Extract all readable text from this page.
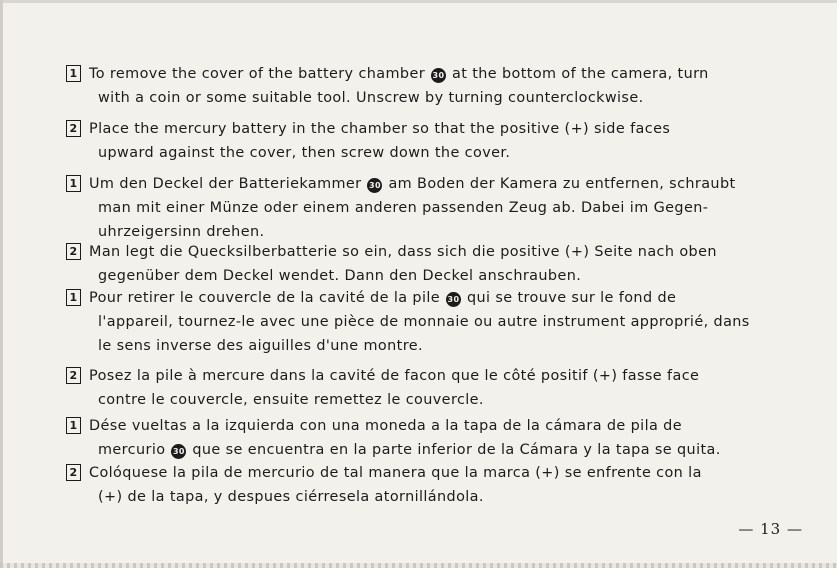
1 To remove the cover of the battery chamber 30 at the bottom of the camera, turn
with a coin or some suitable tool. Unscrew by turning counterclockwise.
2 Place the mercury battery in the chamber so that the positive (+) side faces
upward against the cover, then screw down the cover.
1 Um den Deckel der Batteriekammer 30 am Boden der Kamera zu entfernen, schraubt
man mit einer Münze oder einem anderen passenden Zeug ab. Dabei im Gegen-
uhrzeigersinn drehen.
2 Man legt die Quecksilberbatterie so ein, dass sich die positive (+) Seite nach oben
gegenüber dem Deckel wendet. Dann den Deckel anschrauben.
1 Pour retirer le couvercle de la cavité de la pile 30 qui se trouve sur le fond de
l'appareil, tournez-le avec une pièce de monnaie ou autre instrument approprié, dans
le sens inverse des aiguilles d'une montre.
2 Posez la pile à mercure dans la cavité de facon que le côté positif (+) fasse face
contre le couvercle, ensuite remettez le couvercle.
1 Dése vueltas a la izquierda con una moneda a la tapa de la cámara de pila de
mercurio 30 que se encuentra en la parte inferior de la Cámara y la tapa se quita.
2 Colóquese la pila de mercurio de tal manera que la marca (+) se enfrente con la
(+) de la tapa, y despues ciérresela atornillándola.
— 13 —
